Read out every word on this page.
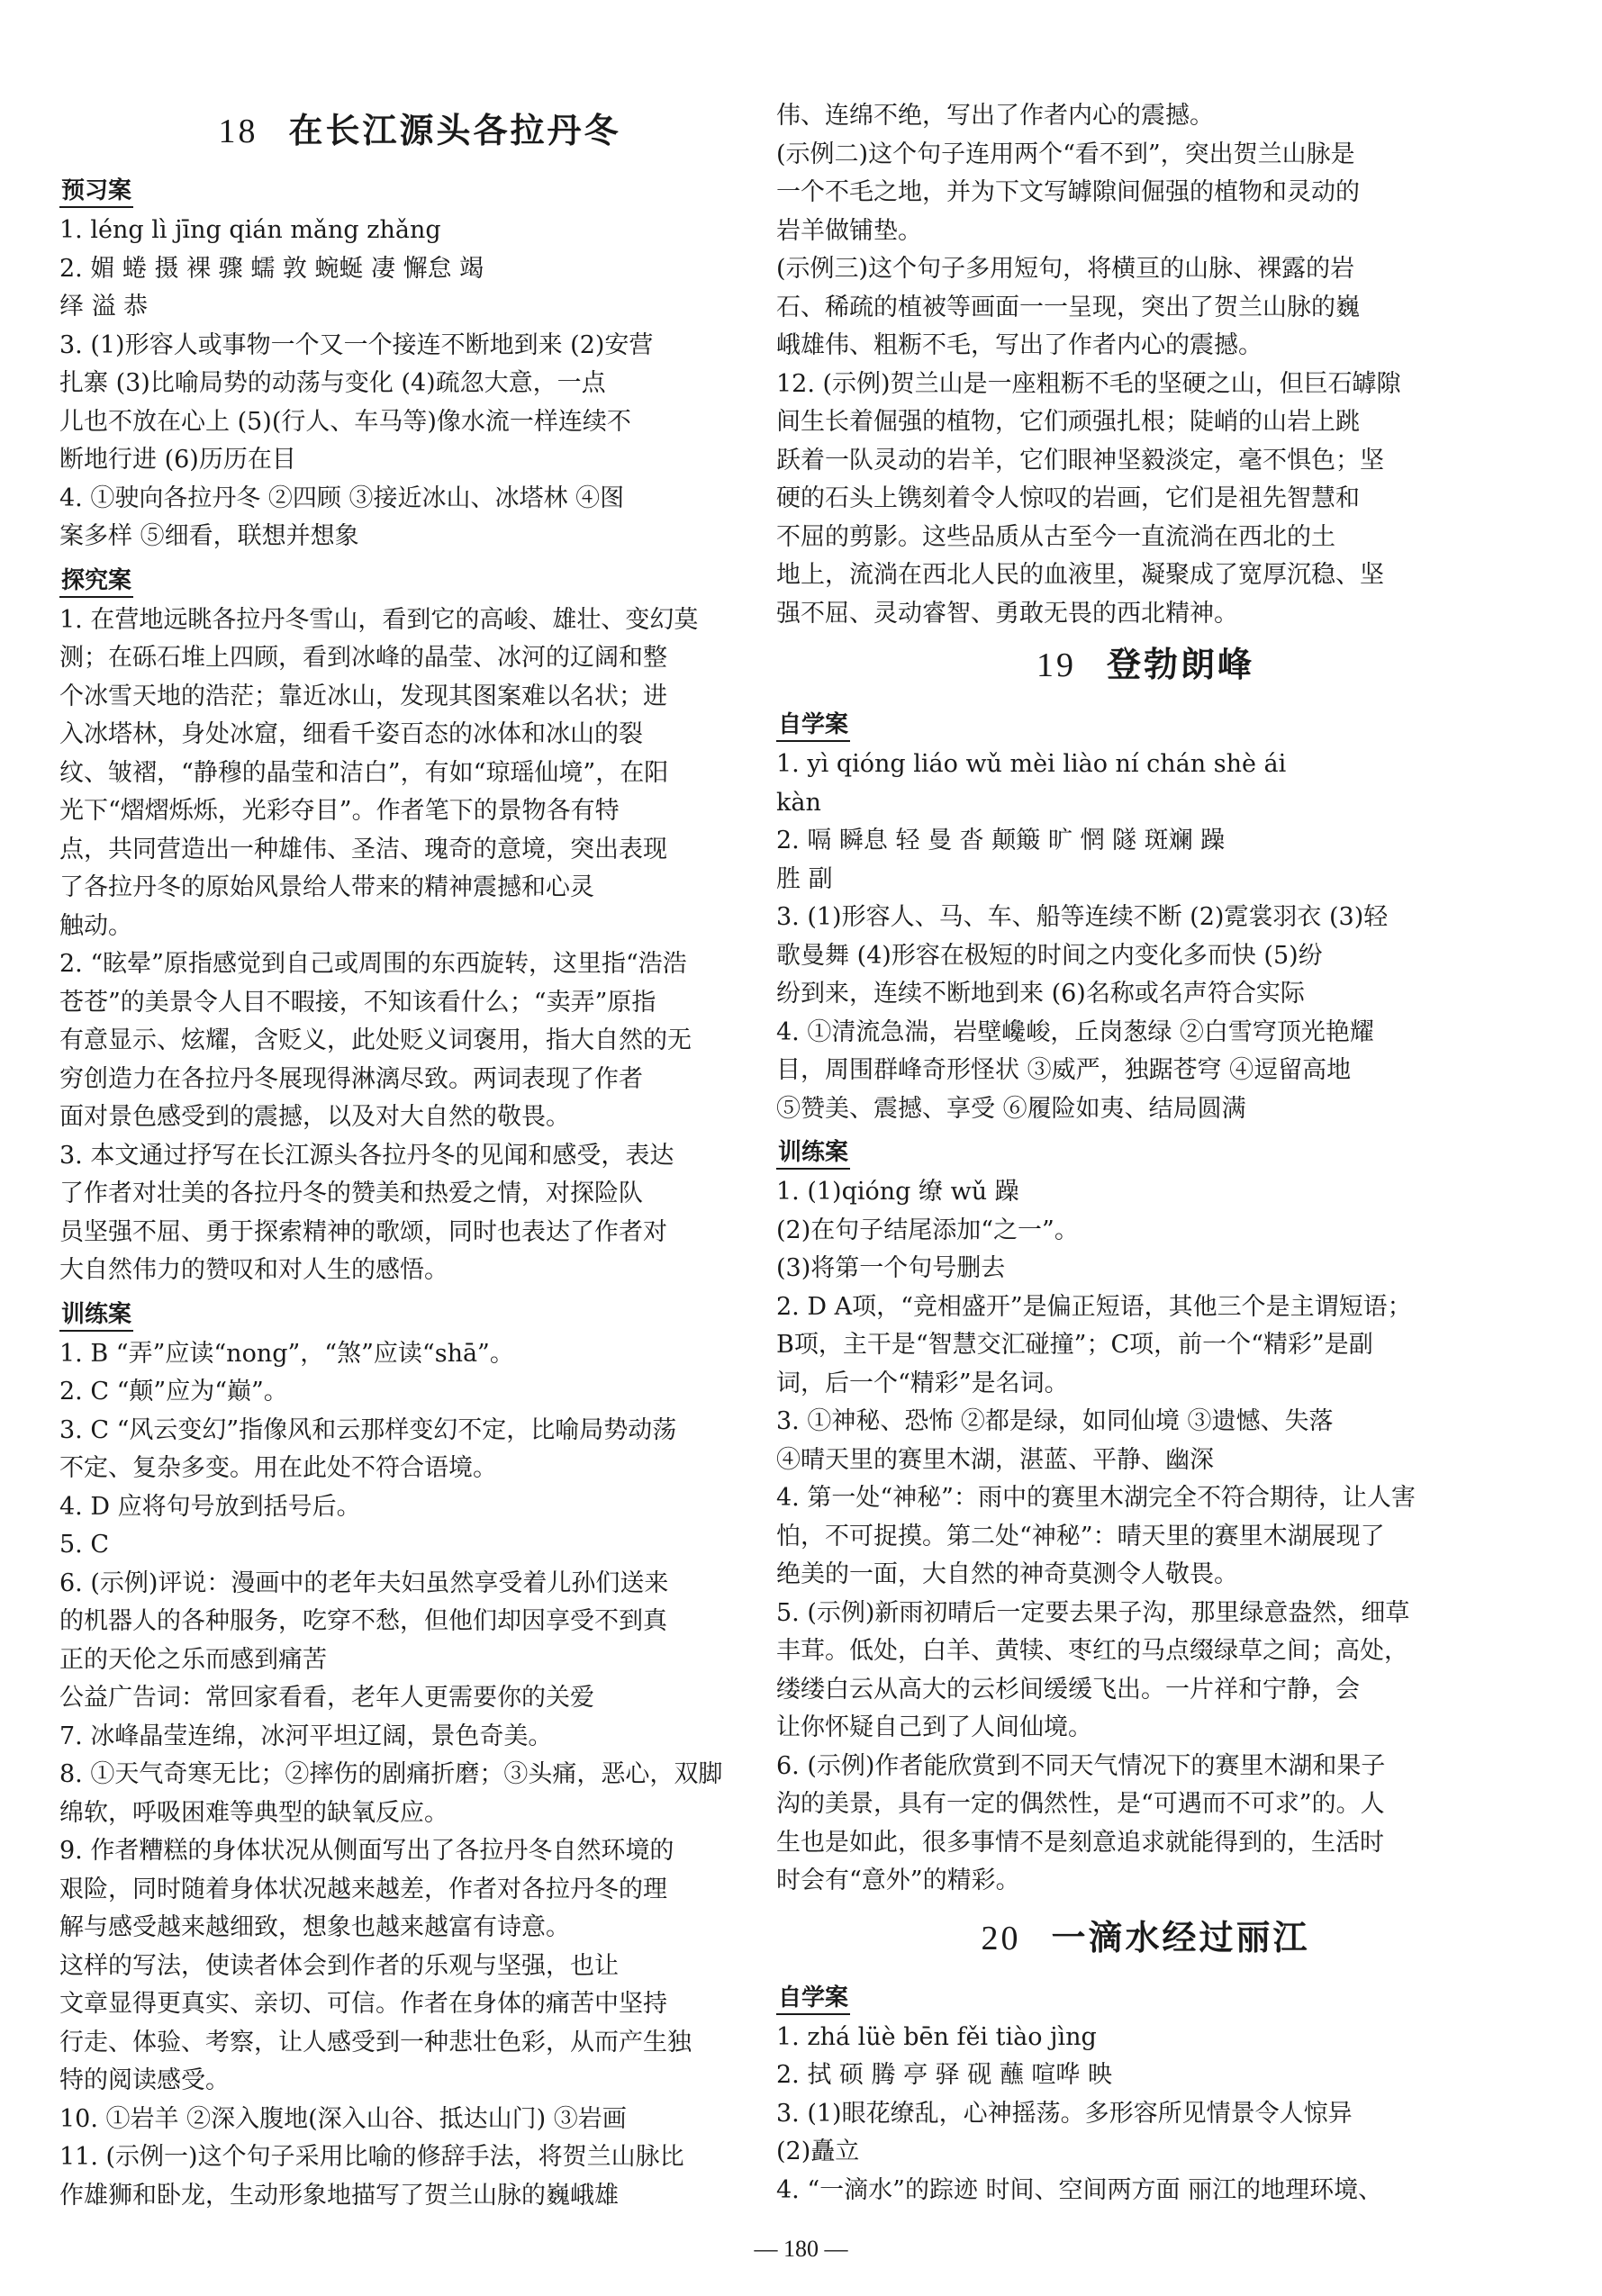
18 在长江源头各拉丹冬
预习案
1. léng lì jīng qián mǎng zhǎng
2. 媚 蜷 摄 裸 骤 蠕 敦 蜿蜒 凄 懈怠 竭
绎 溢 恭
3. (1)形容人或事物一个又一个接连不断地到来 (2)安营
扎寨 (3)比喻局势的动荡与变化 (4)疏忽大意，一点
儿也不放在心上 (5)(行人、车马等)像水流一样连续不
断地行进 (6)历历在目
4. ①驶向各拉丹冬 ②四顾 ③接近冰山、冰塔林 ④图
案多样 ⑤细看，联想并想象
探究案
1. 在营地远眺各拉丹冬雪山，看到它的高峻、雄壮、变幻莫
测；在砾石堆上四顾，看到冰峰的晶莹、冰河的辽阔和整
个冰雪天地的浩茫；靠近冰山，发现其图案难以名状；进
入冰塔林，身处冰窟，细看千姿百态的冰体和冰山的裂
纹、皱褶，“静穆的晶莹和洁白”，有如“琼瑶仙境”，在阳
光下“熠熠烁烁，光彩夺目”。作者笔下的景物各有特
点，共同营造出一种雄伟、圣洁、瑰奇的意境，突出表现
了各拉丹冬的原始风景给人带来的精神震撼和心灵
触动。
2. “眩晕”原指感觉到自己或周围的东西旋转，这里指“浩浩
苍苍”的美景令人目不暇接，不知该看什么；“卖弄”原指
有意显示、炫耀，含贬义，此处贬义词褒用，指大自然的无
穷创造力在各拉丹冬展现得淋漓尽致。两词表现了作者
面对景色感受到的震撼，以及对大自然的敬畏。
3. 本文通过抒写在长江源头各拉丹冬的见闻和感受，表达
了作者对壮美的各拉丹冬的赞美和热爱之情，对探险队
员坚强不屈、勇于探索精神的歌颂，同时也表达了作者对
大自然伟力的赞叹和对人生的感悟。
训练案
1. B “弄”应读“nong”，“煞”应读“shā”。
2. C “颠”应为“巅”。
3. C “风云变幻”指像风和云那样变幻不定，比喻局势动荡
不定、复杂多变。用在此处不符合语境。
4. D 应将句号放到括号后。
5. C
6. (示例)评说：漫画中的老年夫妇虽然享受着儿孙们送来
的机器人的各种服务，吃穿不愁，但他们却因享受不到真
正的天伦之乐而感到痛苦
公益广告词：常回家看看，老年人更需要你的关爱
7. 冰峰晶莹连绵，冰河平坦辽阔，景色奇美。
8. ①天气奇寒无比；②摔伤的剧痛折磨；③头痛，恶心，双脚
绵软，呼吸困难等典型的缺氧反应。
9. 作者糟糕的身体状况从侧面写出了各拉丹冬自然环境的
艰险，同时随着身体状况越来越差，作者对各拉丹冬的理
解与感受越来越细致，想象也越来越富有诗意。
这样的写法，使读者体会到作者的乐观与坚强，也让
文章显得更真实、亲切、可信。作者在身体的痛苦中坚持
行走、体验、考察，让人感受到一种悲壮色彩，从而产生独
特的阅读感受。
10. ①岩羊 ②深入腹地(深入山谷、抵达山门) ③岩画
11. (示例一)这个句子采用比喻的修辞手法，将贺兰山脉比
作雄狮和卧龙，生动形象地描写了贺兰山脉的巍峨雄
伟、连绵不绝，写出了作者内心的震撼。
(示例二)这个句子连用两个“看不到”，突出贺兰山脉是
一个不毛之地，并为下文写罅隙间倔强的植物和灵动的
岩羊做铺垫。
(示例三)这个句子多用短句，将横亘的山脉、裸露的岩
石、稀疏的植被等画面一一呈现，突出了贺兰山脉的巍
峨雄伟、粗粝不毛，写出了作者内心的震撼。
12. (示例)贺兰山是一座粗粝不毛的坚硬之山，但巨石罅隙
间生长着倔强的植物，它们顽强扎根；陡峭的山岩上跳
跃着一队灵动的岩羊，它们眼神坚毅淡定，毫不惧色；坚
硬的石头上镌刻着令人惊叹的岩画，它们是祖先智慧和
不屈的剪影。这些品质从古至今一直流淌在西北的土
地上，流淌在西北人民的血液里，凝聚成了宽厚沉稳、坚
强不屈、灵动睿智、勇敢无畏的西北精神。
19 登勃朗峰
自学案
1. yì qióng liáo wǔ mèi liào ní chán shè ái
kàn
2. 嗝 瞬息 轻 曼 沓 颠簸 旷 惘 隧 斑斓 躁
胜 副
3. (1)形容人、马、车、船等连续不断 (2)霓裳羽衣 (3)轻
歌曼舞 (4)形容在极短的时间之内变化多而快 (5)纷
纷到来，连续不断地到来 (6)名称或名声符合实际
4. ①清流急湍，岩壁巉峻，丘岗葱绿 ②白雪穹顶光艳耀
目，周围群峰奇形怪状 ③威严，独踞苍穹 ④逗留高地
⑤赞美、震撼、享受 ⑥履险如夷、结局圆满
训练案
1. (1)qióng 缭 wǔ 躁
(2)在句子结尾添加“之一”。
(3)将第一个句号删去
2. D A项，“竞相盛开”是偏正短语，其他三个是主谓短语；
B项，主干是“智慧交汇碰撞”；C项，前一个“精彩”是副
词，后一个“精彩”是名词。
3. ①神秘、恐怖 ②都是绿，如同仙境 ③遗憾、失落
④晴天里的赛里木湖，湛蓝、平静、幽深
4. 第一处“神秘”：雨中的赛里木湖完全不符合期待，让人害
怕，不可捉摸。第二处“神秘”：晴天里的赛里木湖展现了
绝美的一面，大自然的神奇莫测令人敬畏。
5. (示例)新雨初晴后一定要去果子沟，那里绿意盎然，细草
丰茸。低处，白羊、黄犊、枣红的马点缀绿草之间；高处，
缕缕白云从高大的云杉间缓缓飞出。一片祥和宁静，会
让你怀疑自己到了人间仙境。
6. (示例)作者能欣赏到不同天气情况下的赛里木湖和果子
沟的美景，具有一定的偶然性，是“可遇而不可求”的。人
生也是如此，很多事情不是刻意追求就能得到的，生活时
时会有“意外”的精彩。
20 一滴水经过丽江
自学案
1. zhá lüè bēn fěi tiào jìng
2. 拭 硕 腾 亭 驿 砚 蘸 喧哗 映
3. (1)眼花缭乱，心神摇荡。多形容所见情景令人惊异
(2)矗立
4. “一滴水”的踪迹 时间、空间两方面 丽江的地理环境、
— 180 —
